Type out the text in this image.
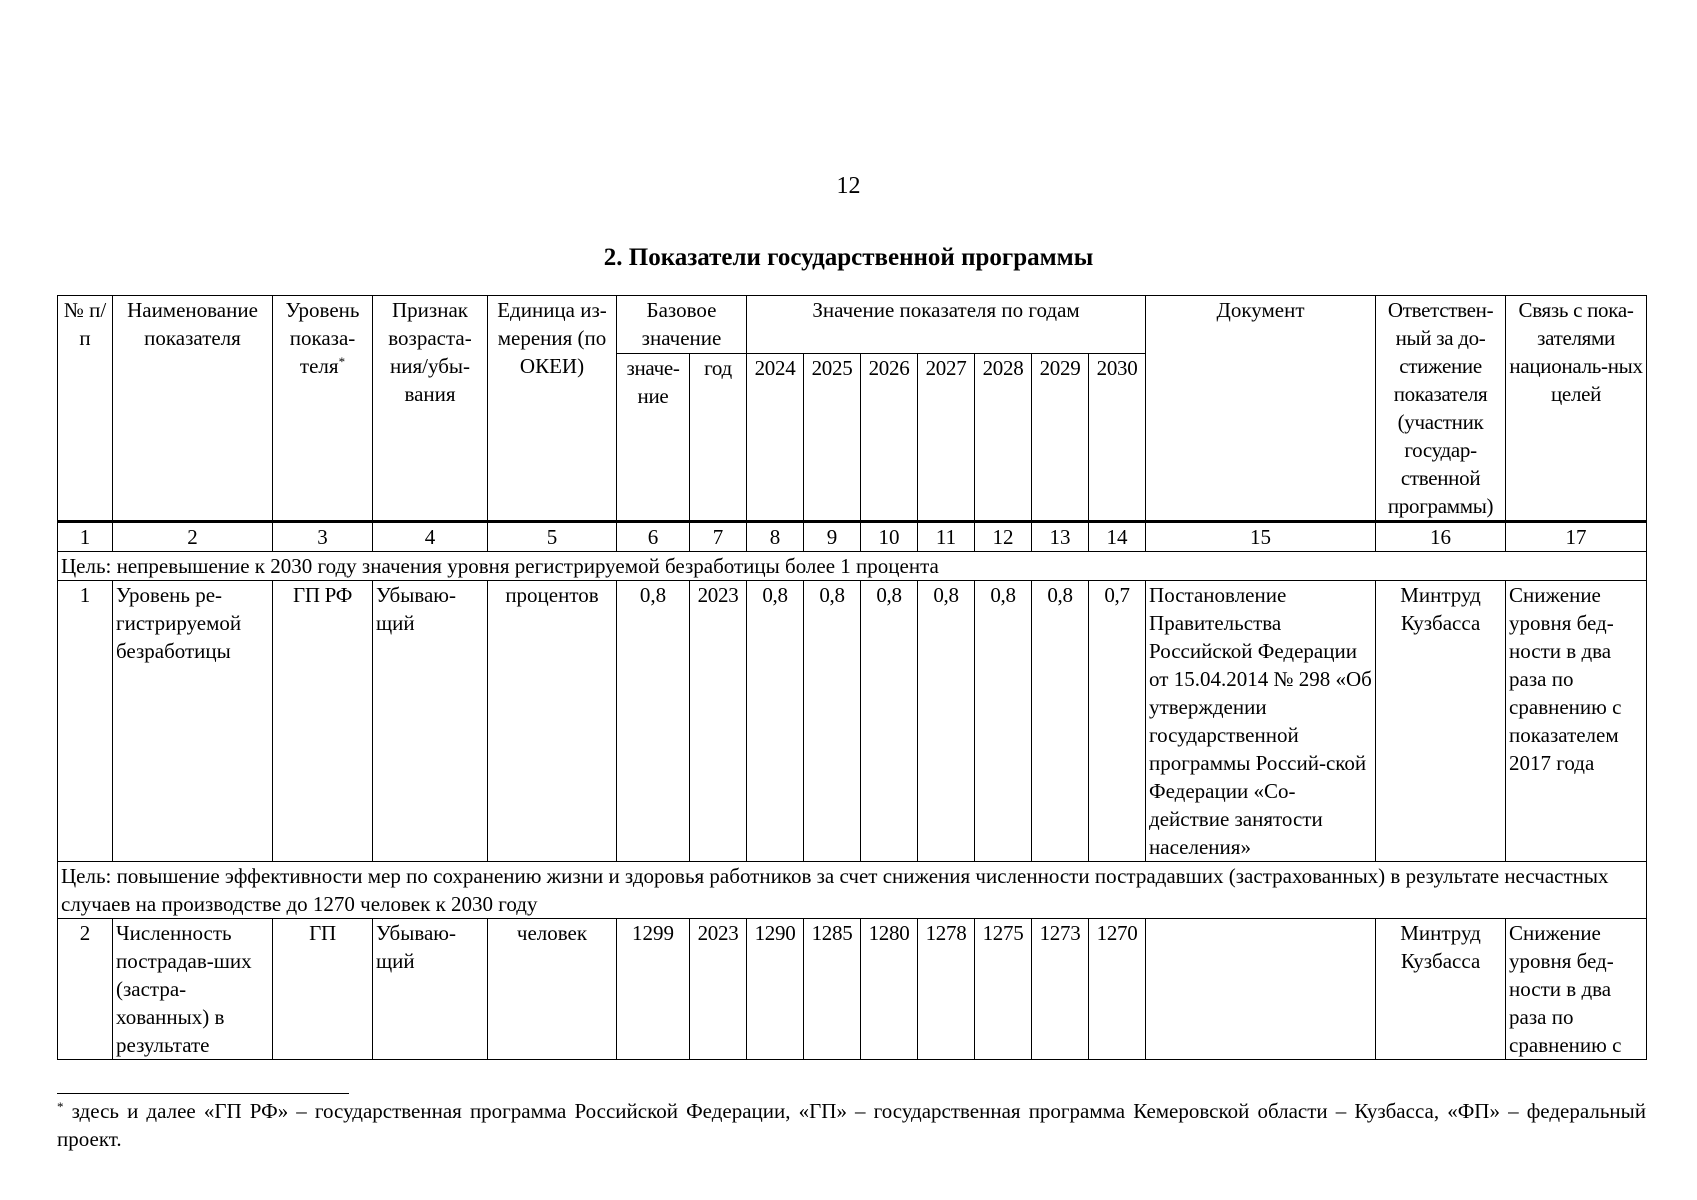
12
2. Показатели государственной программы
№ п/п	Наименование показателя	Уровень показа-теля*	Признак возраста-ния/убы-вания	Единица из-мерения (по ОКЕИ)	Базовое значение		Значение показателя по годам							Документ	Ответствен-ный за до-стижение показателя (участник государ-ственной программы)	Связь с пока-зателями националь-ных целей
					значе-ние	год	2024	2025	2026	2027	2028	2029	2030			
1	2	3	4	5	6	7	8	9	10	11	12	13	14	15	16	17
Цель: непревышение к 2030 году значения уровня регистрируемой безработицы более 1 процента																
1	Уровень ре-гистрируемой безработицы	ГП РФ	Убываю-щий	процентов	0,8	2023	0,8	0,8	0,8	0,8	0,8	0,8	0,7	Постановление Правительства Российской Федерации от 15.04.2014 № 298 «Об утверждении государственной программы Россий-ской Федерации «Со-действие занятости населения»	Минтруд Кузбасса	Снижение уровня бед-ности в два раза по сравнению с показателем 2017 года
Цель: повышение эффективности мер по сохранению жизни и здоровья работников за счет снижения численности пострадавших (застрахованных) в результате несчастных случаев на производстве до 1270 человек к 2030 году																
2	Численность пострадав-ших (застра-хованных) в результате	ГП	Убываю-щий	человек	1299	2023	1290	1285	1280	1278	1275	1273	1270		Минтруд Кузбасса	Снижение уровня бед-ности в два раза по сравнению с
* здесь и далее «ГП РФ» – государственная программа Российской Федерации, «ГП» – государственная программа Кемеровской области – Кузбасса, «ФП» – федеральный проект.
